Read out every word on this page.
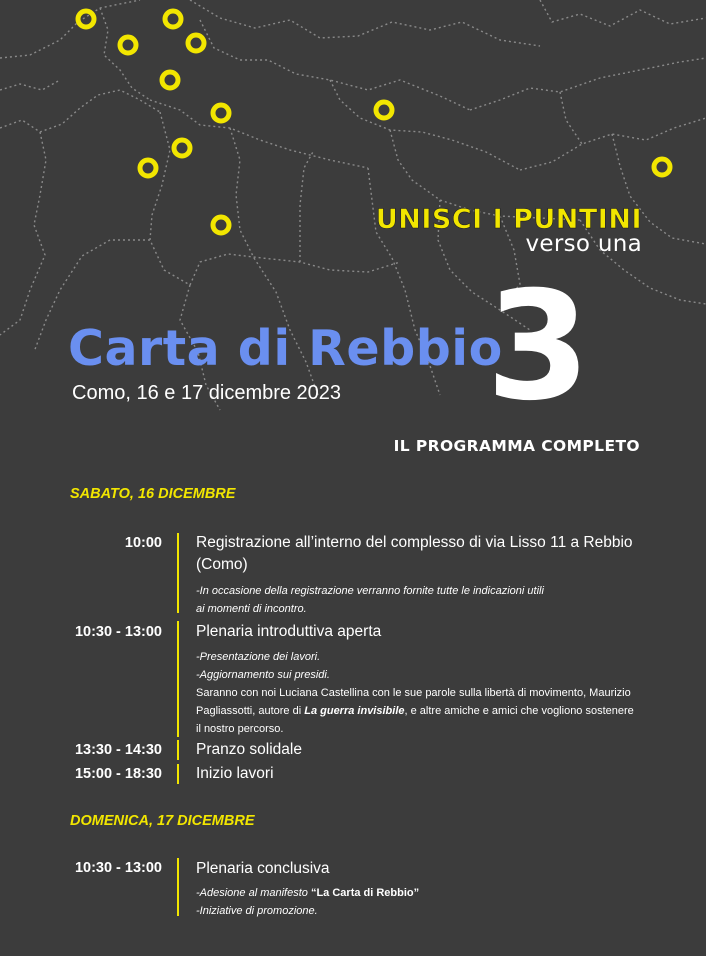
UNISCI I PUNTINI
verso una
3
Carta di Rebbio
Como, 16 e 17 dicembre 2023
IL PROGRAMMA COMPLETO
SABATO, 16 DICEMBRE
10:00 Registrazione all’interno del complesso di via Lisso 11 a Rebbio
(Como)
-In occasione della registrazione verranno fornite tutte le indicazioni utili
ai momenti di incontro.
10:30 - 13:00 Plenaria introduttiva aperta
-Presentazione dei lavori.
-Aggiornamento sui presidi.
Saranno con noi Luciana Castellina con le sue parole sulla libertà di movimento, Maurizio
Pagliassotti, autore di La guerra invisibile, e altre amiche e amici che vogliono sostenere
il nostro percorso.
13:30 - 14:30 Pranzo solidale
15:00 - 18:30 Inizio lavori
DOMENICA, 17 DICEMBRE
10:30 - 13:00 Plenaria conclusiva
-Adesione al manifesto “La Carta di Rebbio”
-Iniziative di promozione.
